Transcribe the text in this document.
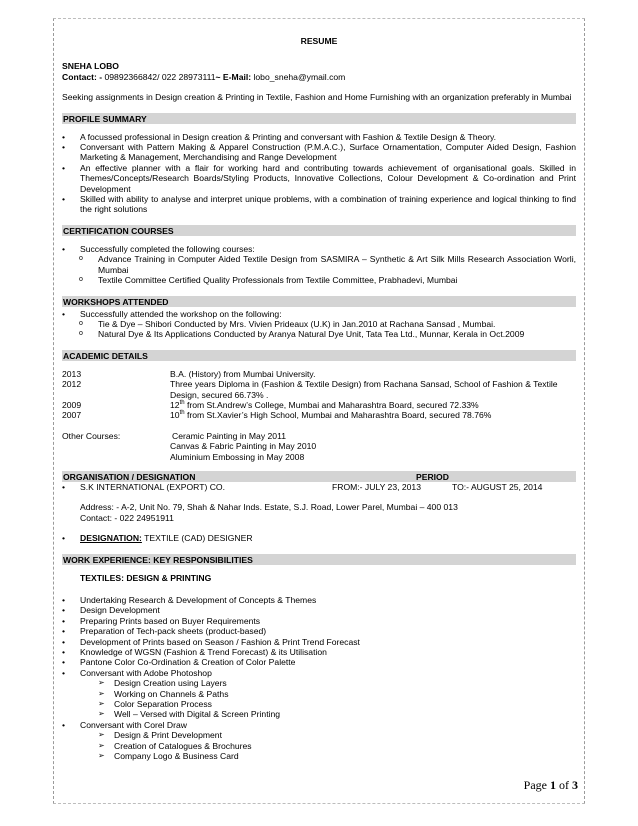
RESUME

SNEHA LOBO

Contact: - 09892366842/ 022 28973111~ E-Mail: lobo_sneha@ymail.com

Seeking assignments in Design creation & Printing in Textile, Fashion and Home Furnishing with an organization preferably in Mumbai

PROFILE SUMMARY
• A focussed professional in Design creation & Printing and conversant with Fashion & Textile Design & Theory.
• Conversant with Pattern Making & Apparel Construction (P.M.A.C.), Surface Ornamentation, Computer Aided Design, Fashion Marketing & Management, Merchandising and Range Development
• An effective planner with a flair for working hard and contributing towards achievement of organisational goals. Skilled in Themes/Concepts/Research Boards/Styling Products, Innovative Collections, Colour Development & Co-ordination and Print Development
• Skilled with ability to analyse and interpret unique problems, with a combination of training experience and logical thinking to find the right solutions
CERTIFICATION COURSES
• Successfully completed the following courses:
o Advance Training in Computer Aided Textile Design from SASMIRA – Synthetic & Art Silk Mills Research Association Worli, Mumbai
o Textile Committee Certified Quality Professionals from Textile Committee, Prabhadevi, Mumbai
WORKSHOPS ATTENDED
• Successfully attended the workshop on the following:
o Tie & Dye – Shibori Conducted by Mrs. Vivien Prideaux (U.K) in Jan.2010 at Rachana Sansad , Mumbai.
o Natural Dye & Its Applications Conducted by Aranya Natural Dye Unit, Tata Tea Ltd., Munnar, Kerala in Oct.2009
ACADEMIC DETAILS
2013	B.A. (History) from Mumbai University.
2012	Three years Diploma in (Fashion & Textile Design) from Rachana Sansad, School of Fashion & Textile Design, secured 66.73% .
2009	12th from St.Andrew’s College, Mumbai and Maharashtra Board, secured 72.33%
2007	10th from St.Xavier’s High School, Mumbai and Maharashtra Board, secured 78.76%
Other Courses:	Ceramic Painting in May 2011
Canvas & Fabric Painting in May 2010
Aluminium Embossing in May 2008
ORGANISATION / DESIGNATION	PERIOD
• S.K INTERNATIONAL (EXPORT) CO.	FROM:- JULY 23, 2013	TO:- AUGUST 25, 2014

Address: - A-2, Unit No. 79, Shah & Nahar Inds. Estate, S.J. Road, Lower Parel, Mumbai – 400 013

Contact: - 022 24951911

• DESIGNATION: TEXTILE (CAD) DESIGNER
WORK EXPERIENCE: KEY RESPONSIBILITIES

TEXTILES: DESIGN & PRINTING

• Undertaking Research & Development of Concepts & Themes
• Design Development
• Preparing Prints based on Buyer Requirements
• Preparation of Tech-pack sheets (product-based)
• Development of Prints based on Season / Fashion & Print Trend Forecast
• Knowledge of WGSN (Fashion & Trend Forecast) & its Utilisation
• Pantone Color Co-Ordination & Creation of Color Palette
• Conversant with Adobe Photoshop
➢ Design Creation using Layers
➢ Working on Channels & Paths
➢ Color Separation Process
➢ Well – Versed with Digital & Screen Printing
• Conversant with Corel Draw
➢ Design & Print Development
➢ Creation of Catalogues & Brochures
➢ Company Logo & Business Card
Page 1 of 3
